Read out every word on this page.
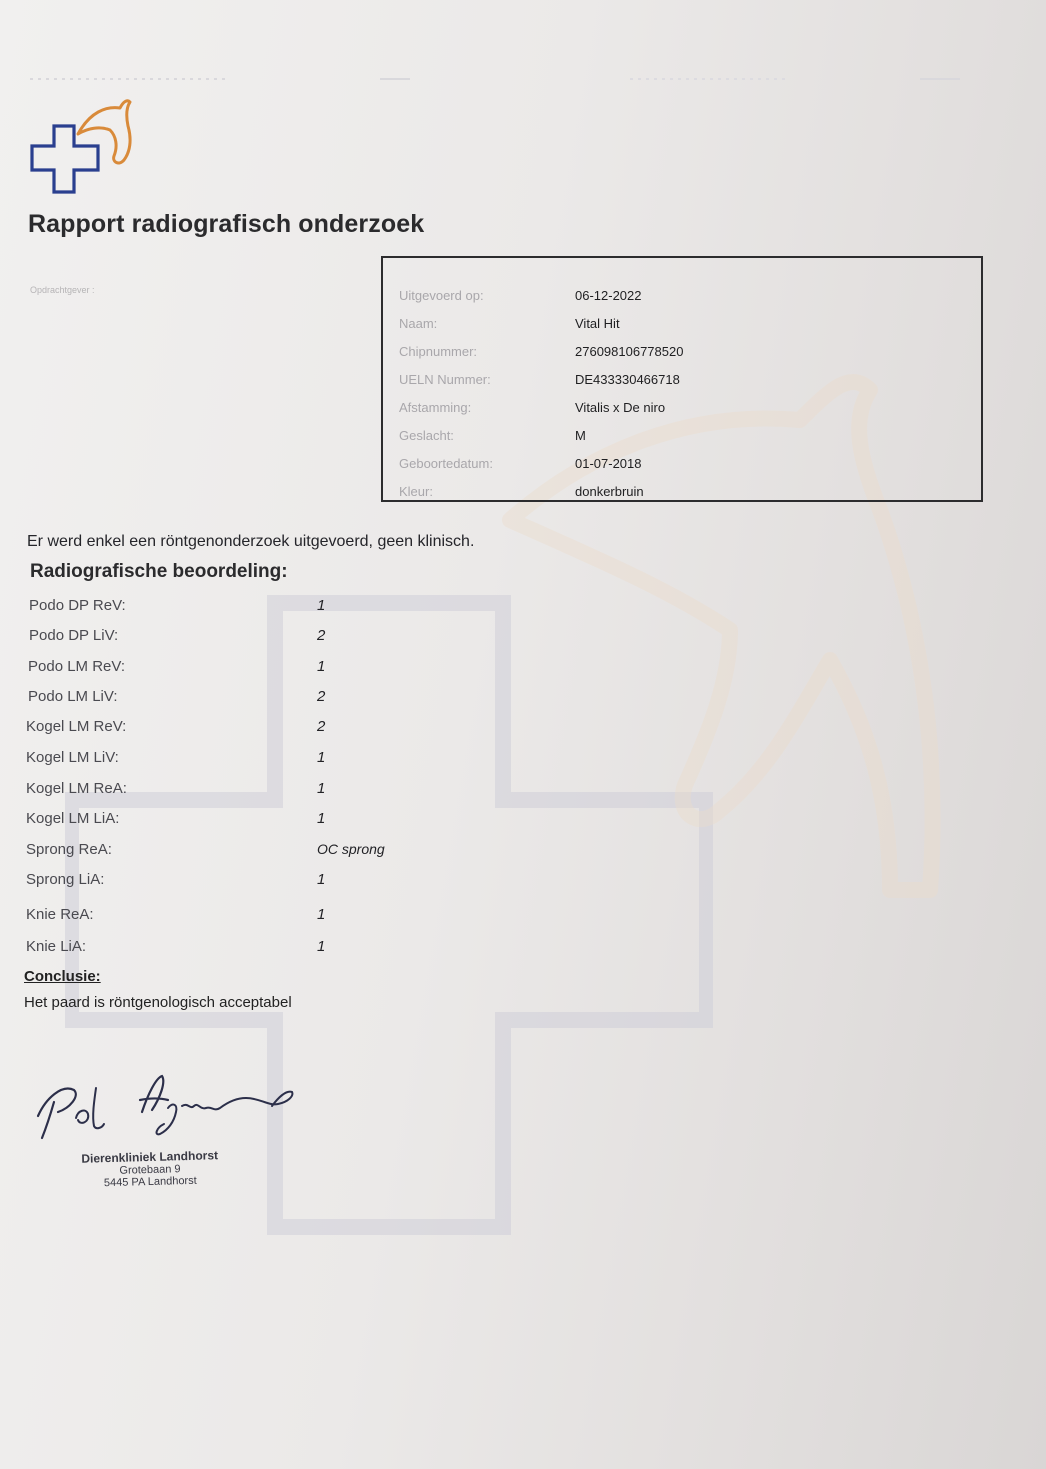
Rapport radiografisch onderzoek
Opdrachtgever :	Uitgevoerd op:	06-12-2022
Naam:	Vital Hit
Chipnummer:	276098106778520
UELN Nummer:	DE433330466718
Afstamming:	Vitalis x De niro
Geslacht:	M
Geboortedatum:	01-07-2018
Kleur:	donkerbruin
Er werd enkel een röntgenonderzoek uitgevoerd, geen klinisch.
Radiografische beoordeling:
Podo DP ReV:	1
Podo DP LiV:	2
Podo LM ReV:	1
Podo LM LiV:	2
Kogel LM ReV:	2
Kogel LM LiV:	1
Kogel LM ReA:	1
Kogel LM LiA:	1
Sprong ReA:	OC sprong
Sprong LiA:	1
Knie ReA:	1
Knie LiA:	1
Conclusie:
Het paard is röntgenologisch acceptabel
Dierenkliniek Landhorst
Grotebaan 9
5445 PA Landhorst
